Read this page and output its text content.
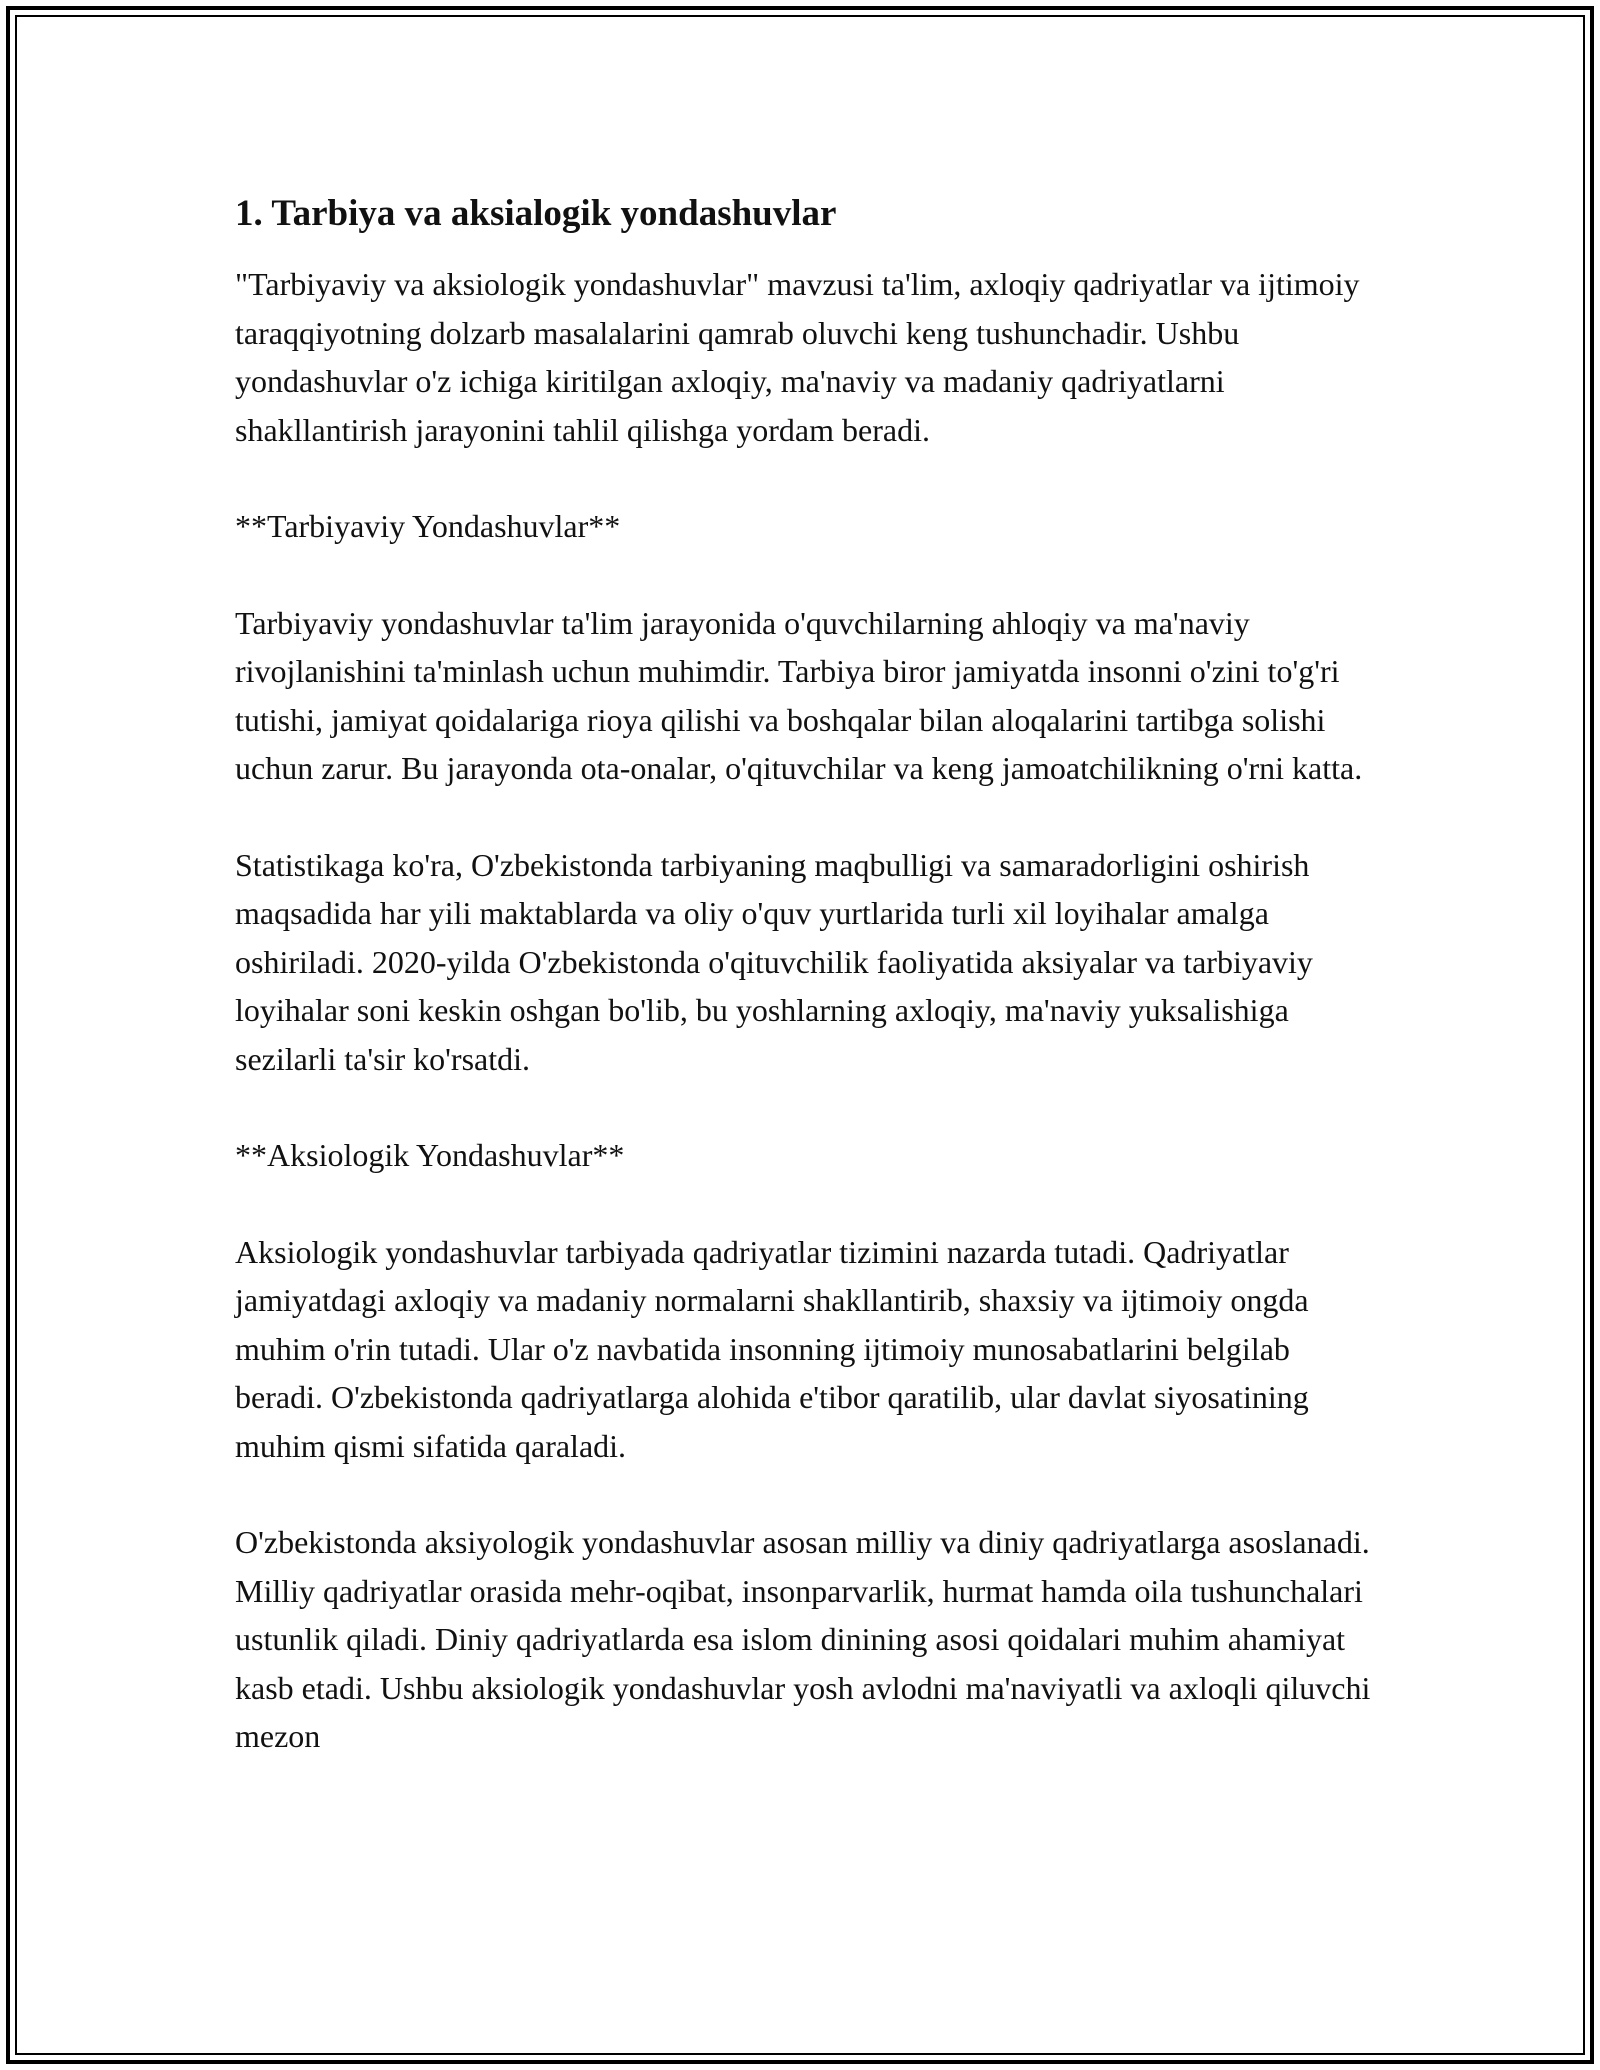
1. Tarbiya va aksialogik yondashuvlar

"Tarbiyaviy va aksiologik yondashuvlar" mavzusi ta'lim, axloqiy qadriyatlar va ijtimoiy taraqqiyotning dolzarb masalalarini qamrab oluvchi keng tushunchadir. Ushbu yondashuvlar o'z ichiga kiritilgan axloqiy, ma'naviy va madaniy qadriyatlarni shakllantirish jarayonini tahlil qilishga yordam beradi.

**Tarbiyaviy Yondashuvlar**

Tarbiyaviy yondashuvlar ta'lim jarayonida o'quvchilarning ahloqiy va ma'naviy rivojlanishini ta'minlash uchun muhimdir. Tarbiya biror jamiyatda insonni o'zini to'g'ri tutishi, jamiyat qoidalariga rioya qilishi va boshqalar bilan aloqalarini tartibga solishi uchun zarur. Bu jarayonda ota-onalar, o'qituvchilar va keng jamoatchilikning o'rni katta.

Statistikaga ko'ra, O'zbekistonda tarbiyaning maqbulligi va samaradorligini oshirish maqsadida har yili maktablarda va oliy o'quv yurtlarida turli xil loyihalar amalga oshiriladi. 2020-yilda O'zbekistonda o'qituvchilik faoliyatida aksiyalar va tarbiyaviy loyihalar soni keskin oshgan bo'lib, bu yoshlarning axloqiy, ma'naviy yuksalishiga sezilarli ta'sir ko'rsatdi.

**Aksiologik Yondashuvlar**

Aksiologik yondashuvlar tarbiyada qadriyatlar tizimini nazarda tutadi. Qadriyatlar jamiyatdagi axloqiy va madaniy normalarni shakllantirib, shaxsiy va ijtimoiy ongda muhim o'rin tutadi. Ular o'z navbatida insonning ijtimoiy munosabatlarini belgilab beradi. O'zbekistonda qadriyatlarga alohida e'tibor qaratilib, ular davlat siyosatining muhim qismi sifatida qaraladi.

O'zbekistonda aksiyologik yondashuvlar asosan milliy va diniy qadriyatlarga asoslanadi. Milliy qadriyatlar orasida mehr-oqibat, insonparvarlik, hurmat hamda oila tushunchalari ustunlik qiladi. Diniy qadriyatlarda esa islom dinining asosi qoidalari muhim ahamiyat kasb etadi. Ushbu aksiologik yondashuvlar yosh avlodni ma'naviyatli va axloqli qiluvchi mezon
